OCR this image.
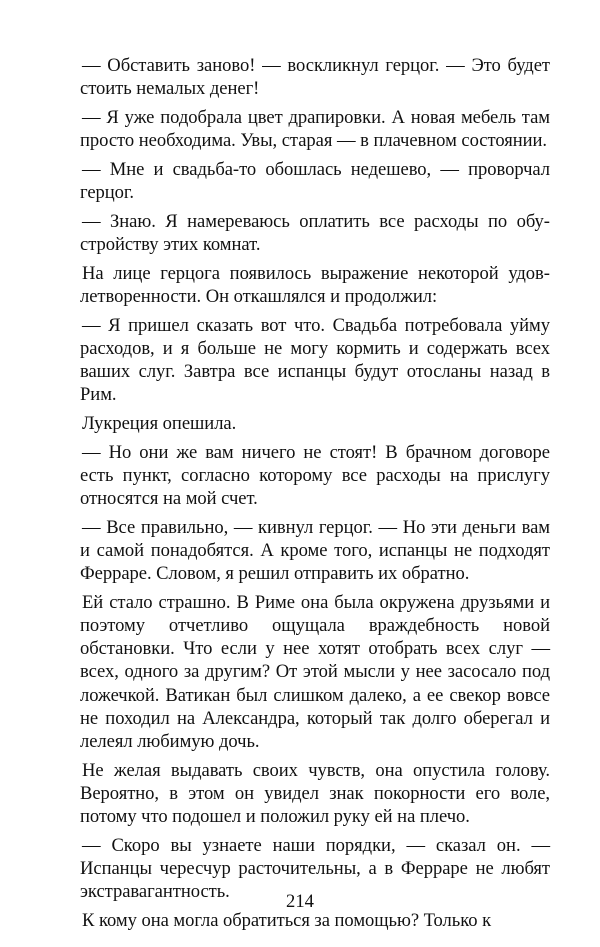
— Обставить заново! — воскликнул герцог. — Это будет стоить немалых денег!

— Я уже подобрала цвет драпировки. А новая мебель там просто необходима. Увы, старая — в плачевном состоянии.

— Мне и свадьба-то обошлась недешево, — проворчал герцог.

— Знаю. Я намереваюсь оплатить все расходы по обустройству этих комнат.

На лице герцога появилось выражение некоторой удовлетворенности. Он откашлялся и продолжил:

— Я пришел сказать вот что. Свадьба потребовала уйму расходов, и я больше не могу кормить и содержать всех ваших слуг. Завтра все испанцы будут отосланы назад в Рим.

Лукреция опешила.

— Но они же вам ничего не стоят! В брачном договоре есть пункт, согласно которому все расходы на прислугу относятся на мой счет.

— Все правильно, — кивнул герцог. — Но эти деньги вам и самой понадобятся. А кроме того, испанцы не подходят Ферраре. Словом, я решил отправить их обратно.

Ей стало страшно. В Риме она была окружена друзьями и поэтому отчетливо ощущала враждебность новой обстановки. Что если у нее хотят отобрать всех слуг — всех, одного за другим? От этой мысли у нее засосало под ложечкой. Ватикан был слишком далеко, а ее свекор вовсе не походил на Александра, который так долго оберегал и лелеял любимую дочь.

Не желая выдавать своих чувств, она опустила голову. Вероятно, в этом он увидел знак покорности его воле, потому что подошел и положил руку ей на плечо.

— Скоро вы узнаете наши порядки, — сказал он. — Испанцы чересчур расточительны, а в Ферраре не любят экстравагантность.

К кому она могла обратиться за помощью? Только к

214
